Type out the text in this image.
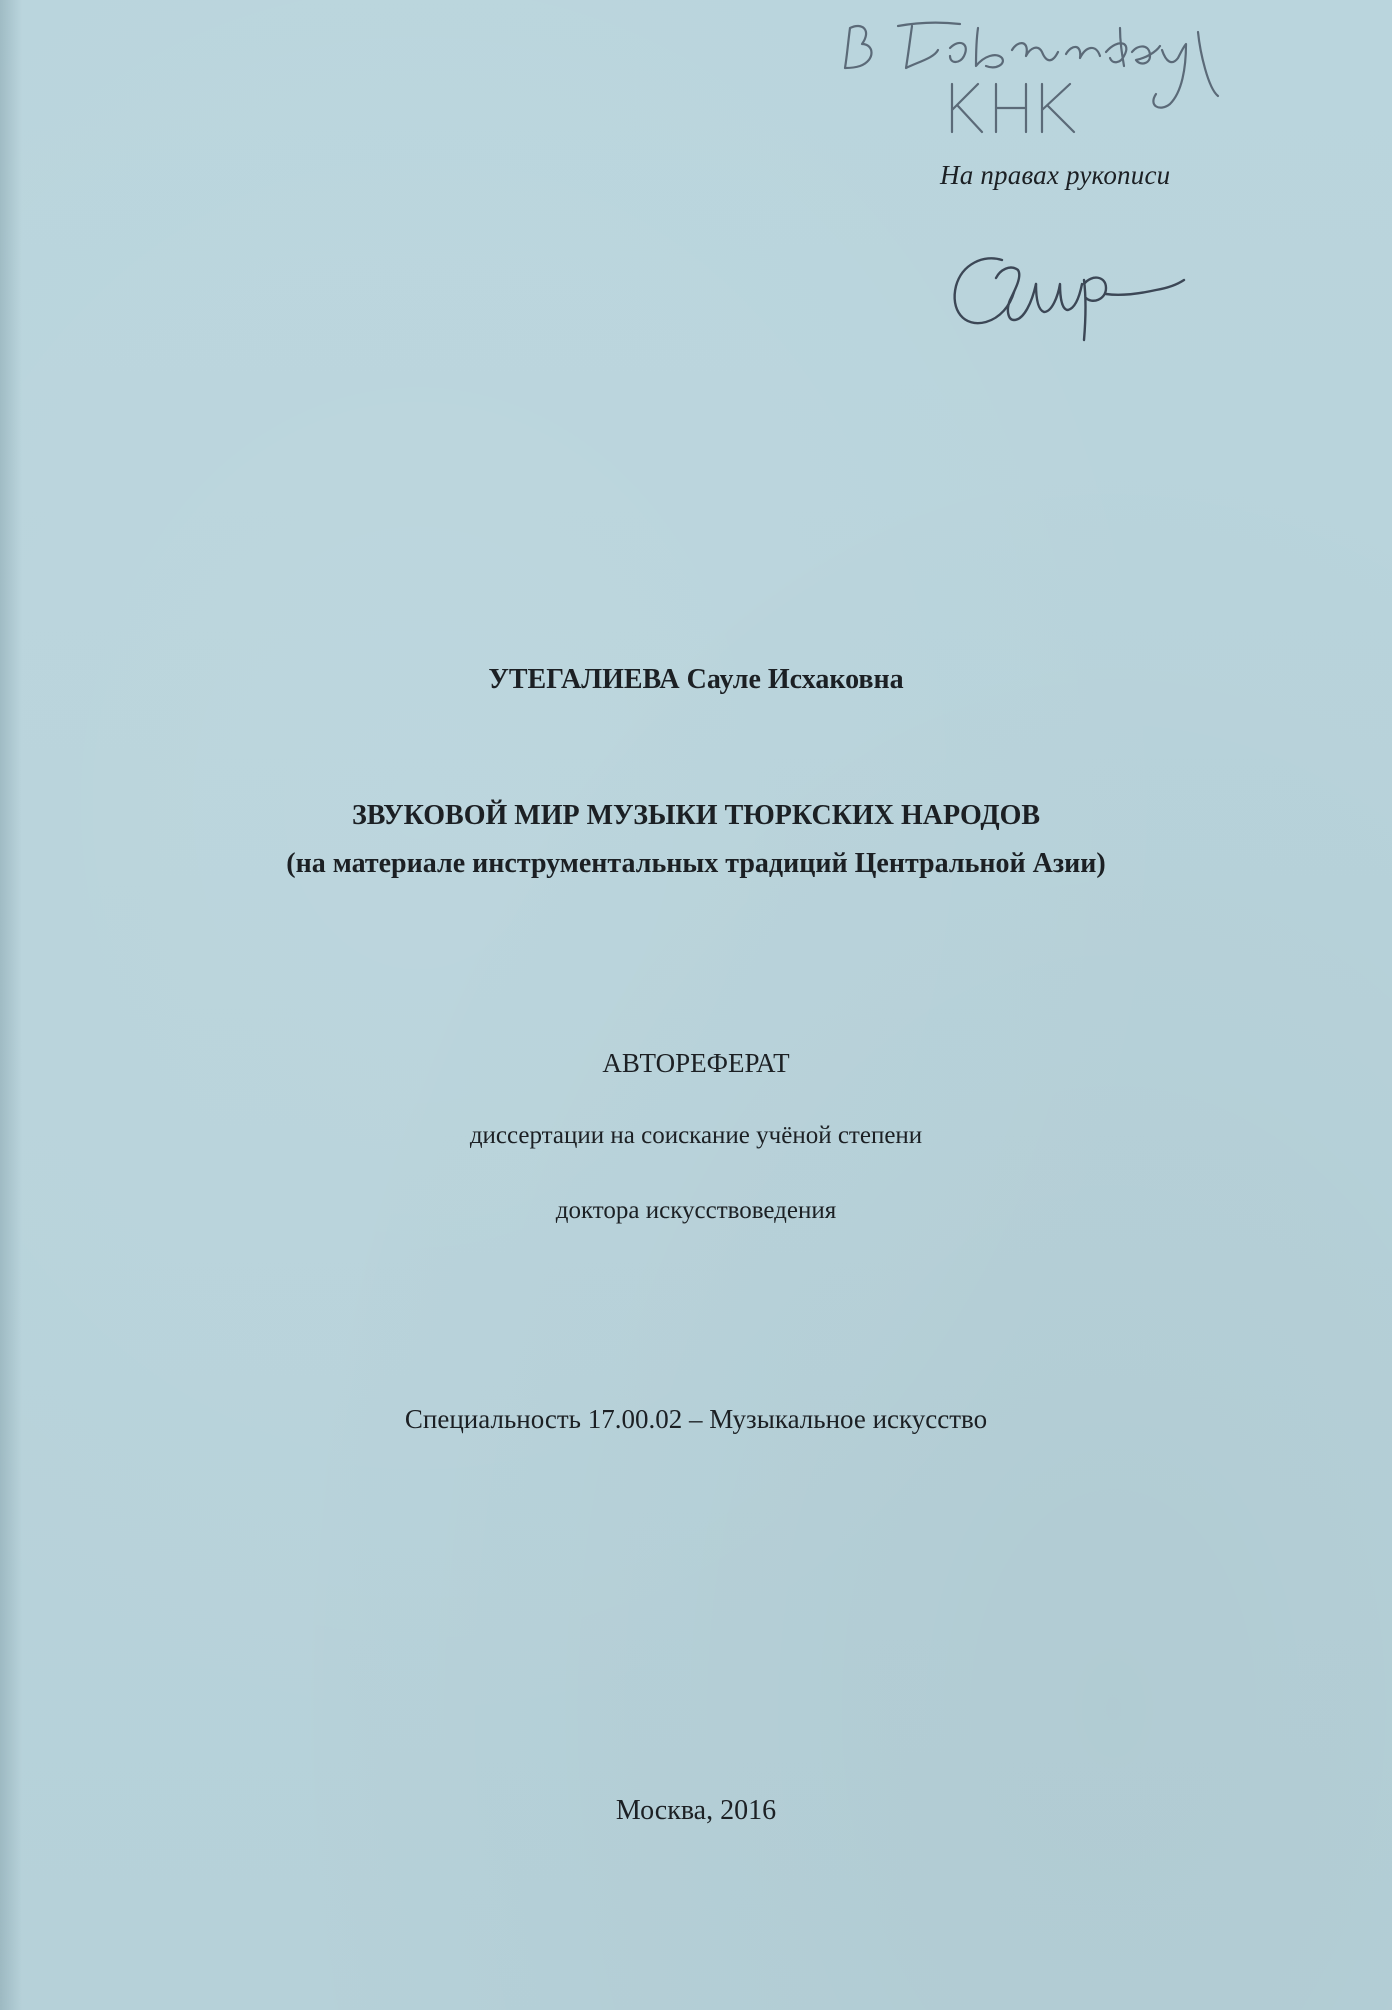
На правах рукописи
УТЕГАЛИЕВА Сауле Исхаковна
ЗВУКОВОЙ МИР МУЗЫКИ ТЮРКСКИХ НАРОДОВ
(на материале инструментальных традиций Центральной Азии)
АВТОРЕФЕРАТ
диссертации на соискание учёной степени
доктора искусствоведения
Специальность 17.00.02 – Музыкальное искусство
Москва, 2016
